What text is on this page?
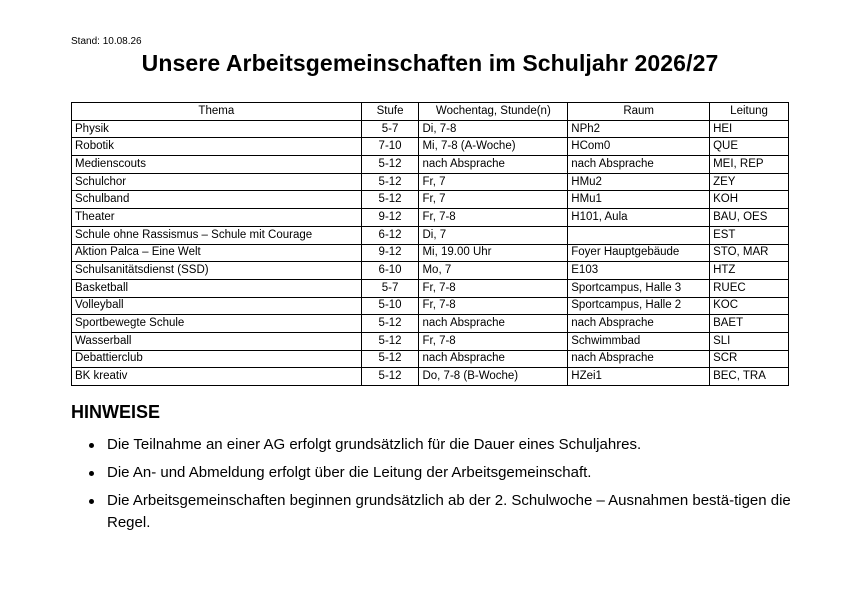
Stand: 10.08.26
Unsere Arbeitsgemeinschaften im Schuljahr 2026/27
Thema	Stufe	Wochentag, Stunde(n)	Raum	Leitung
Physik	5-7	Di, 7-8	NPh2	HEI
Robotik	7-10	Mi, 7-8 (A-Woche)	HCom0	QUE
Medienscouts	5-12	nach Absprache	nach Absprache	MEI, REP
Schulchor	5-12	Fr, 7	HMu2	ZEY
Schulband	5-12	Fr, 7	HMu1	KOH
Theater	9-12	Fr, 7-8	H101, Aula	BAU, OES
Schule ohne Rassismus – Schule mit Courage	6-12	Di, 7		EST
Aktion Palca – Eine Welt	9-12	Mi, 19.00 Uhr	Foyer Hauptgebäude	STO, MAR
Schulsanitätsdienst (SSD)	6-10	Mo, 7	E103	HTZ
Basketball	5-7	Fr, 7-8	Sportcampus, Halle 3	RUEC
Volleyball	5-10	Fr, 7-8	Sportcampus, Halle 2	KOC
Sportbewegte Schule	5-12	nach Absprache	nach Absprache	BAET
Wasserball	5-12	Fr, 7-8	Schwimmbad	SLI
Debattierclub	5-12	nach Absprache	nach Absprache	SCR
BK kreativ	5-12	Do, 7-8 (B-Woche)	HZei1	BEC, TRA
HINWEISE
Die Teilnahme an einer AG erfolgt grundsätzlich für die Dauer eines Schuljahres.
Die An- und Abmeldung erfolgt über die Leitung der Arbeitsgemeinschaft.
Die Arbeitsgemeinschaften beginnen grundsätzlich ab der 2. Schulwoche – Ausnahmen bestä-tigen die Regel.
